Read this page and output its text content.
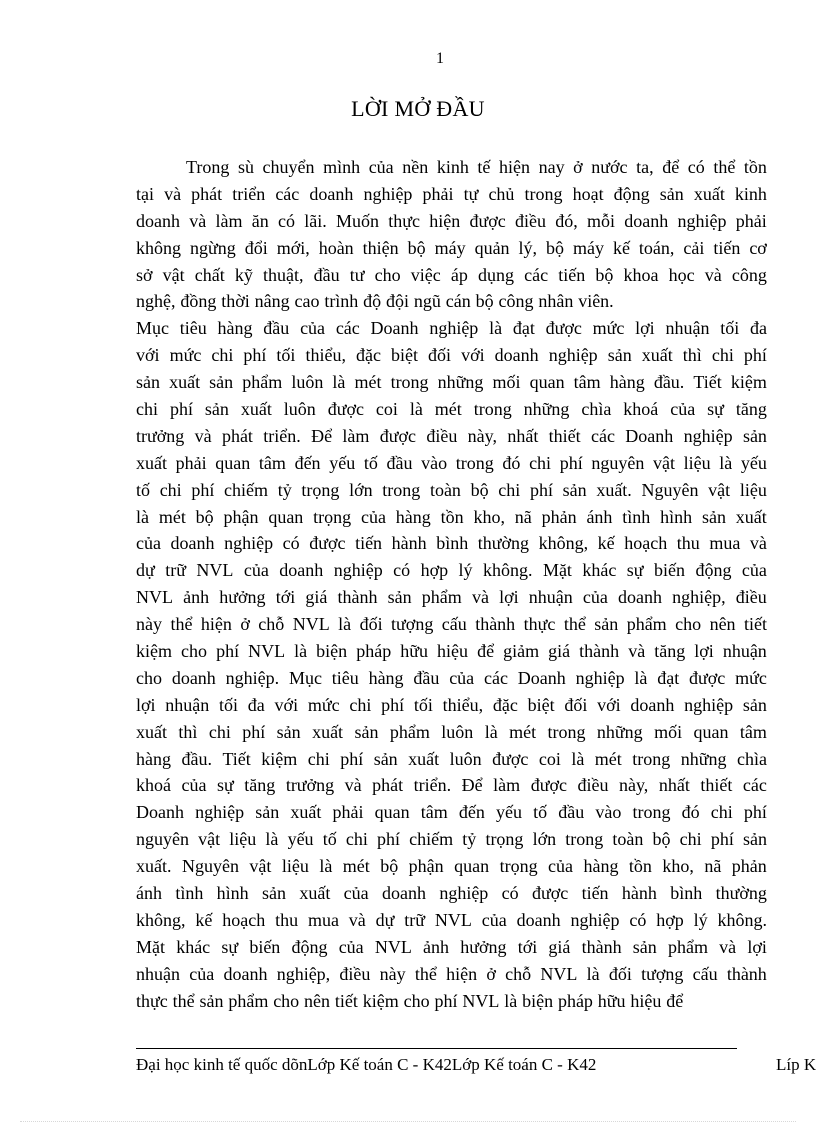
1
LỜI MỞ ĐẦU
Trong sù chuyển mình của nền kinh tế hiện nay ở nước ta, để có thể tồn
tại và phát triển các doanh nghiệp phải tự chủ trong hoạt động sản xuất kinh
doanh và làm ăn có lãi. Muốn thực hiện được điều đó, mỗi doanh nghiệp phải
không ngừng đổi mới, hoàn thiện bộ máy quản lý, bộ máy kế toán, cải tiến cơ
sở vật chất kỹ thuật, đầu tư cho việc áp dụng các tiến bộ khoa học và công
nghệ, đồng thời nâng cao trình độ đội ngũ cán bộ công nhân viên.
Mục tiêu hàng đầu của các Doanh nghiệp là đạt được mức lợi nhuận tối đa
với mức chi phí tối thiểu, đặc biệt đối với doanh nghiệp sản xuất thì chi phí
sản xuất sản phẩm luôn là mét trong những mối quan tâm hàng đầu. Tiết kiệm
chi phí sản xuất luôn được coi là mét trong những chìa khoá của sự tăng
trưởng và phát triển. Để làm được điều này, nhất thiết các Doanh nghiệp sản
xuất phải quan tâm đến yếu tố đầu vào trong đó chi phí nguyên vật liệu là yếu
tố chi phí chiếm tỷ trọng lớn trong toàn bộ chi phí sản xuất. Nguyên vật liệu
là mét bộ phận quan trọng của hàng tồn kho, nã phản ánh tình hình sản xuất
của doanh nghiệp có được tiến hành bình thường không, kế hoạch thu mua và
dự trữ NVL của doanh nghiệp có hợp lý không. Mặt khác sự biến động của
NVL ảnh hưởng tới giá thành sản phẩm và lợi nhuận của doanh nghiệp, điều
này thể hiện ở chỗ NVL là đối tượng cấu thành thực thể sản phẩm cho nên tiết
kiệm cho phí NVL là biện pháp hữu hiệu để giảm giá thành và tăng lợi nhuận
cho doanh nghiệp. Mục tiêu hàng đầu của các Doanh nghiệp là đạt được mức
lợi nhuận tối đa với mức chi phí tối thiểu, đặc biệt đối với doanh nghiệp sản
xuất thì chi phí sản xuất sản phẩm luôn là mét trong những mối quan tâm
hàng đầu. Tiết kiệm chi phí sản xuất luôn được coi là mét trong những chìa
khoá của sự tăng trưởng và phát triển. Để làm được điều này, nhất thiết các
Doanh nghiệp sản xuất phải quan tâm đến yếu tố đầu vào trong đó chi phí
nguyên vật liệu là yếu tố chi phí chiếm tỷ trọng lớn trong toàn bộ chi phí sản
xuất. Nguyên vật liệu là mét bộ phận quan trọng của hàng tồn kho, nã phản
ánh tình hình sản xuất của doanh nghiệp có được tiến hành bình thường
không, kế hoạch thu mua và dự trữ NVL của doanh nghiệp có hợp lý không.
Mặt khác sự biến động của NVL ảnh hưởng tới giá thành sản phẩm và lợi
nhuận của doanh nghiệp, điều này thể hiện ở chỗ NVL là đối tượng cấu thành
thực thể sản phẩm cho nên tiết kiệm cho phí NVL là biện pháp hữu hiệu để
Đại học kinh tế quốc dõnLớp Kế toán C - K42Lớp Kế toán C - K42	Líp K
